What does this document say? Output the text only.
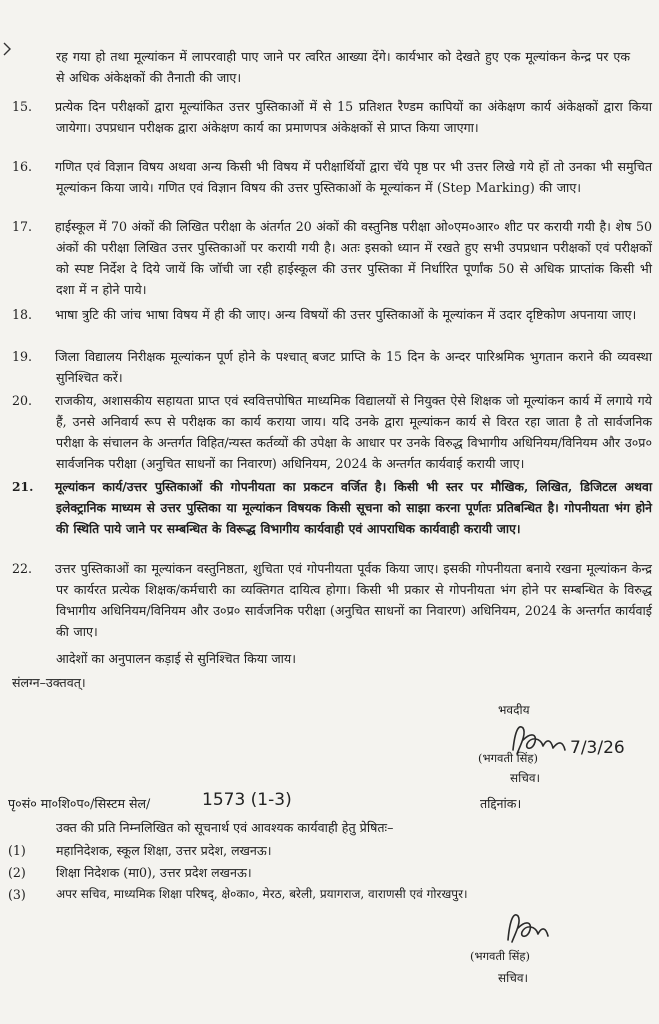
रह गया हो तथा मूल्यांकन में लापरवाही पाए जाने पर त्वरित आख्या देंगे। कार्यभार को देखते हुए एक मूल्यांकन केन्द्र पर एक से अधिक अंकेक्षकों की तैनाती की जाए।

15. प्रत्येक दिन परीक्षकों द्वारा मूल्यांकित उत्तर पुस्तिकाओं में से 15 प्रतिशत रैण्डम कापियों का अंकेक्षण कार्य अंकेक्षकों द्वारा किया जायेगा। उपप्रधान परीक्षक द्वारा अंकेक्षण कार्य का प्रमाणपत्र अंकेक्षकों से प्राप्त किया जाएगा।

16. गणित एवं विज्ञान विषय अथवा अन्य किसी भी विषय में परीक्षार्थियों द्वारा चॅये पृष्ठ पर भी उत्तर लिखे गये हों तो उनका भी समुचित मूल्यांकन किया जाये। गणित एवं विज्ञान विषय की उत्तर पुस्तिकाओं के मूल्यांकन में (Step Marking) की जाए।

17. हाईस्कूल में 70 अंकों की लिखित परीक्षा के अंतर्गत 20 अंकों की वस्तुनिष्ठ परीक्षा ओ०एम०आर० शीट पर करायी गयी है। शेष 50 अंकों की परीक्षा लिखित उत्तर पुस्तिकाओं पर करायी गयी है। अतः इसको ध्यान में रखते हुए सभी उपप्रधान परीक्षकों एवं परीक्षकों को स्पष्ट निर्देश दे दिये जायें कि जॉची जा रही हाईस्कूल की उत्तर पुस्तिका में निर्धारित पूर्णांक 50 से अधिक प्राप्तांक किसी भी दशा में न होने पाये।

18. भाषा त्रुटि की जांच भाषा विषय में ही की जाए। अन्य विषयों की उत्तर पुस्तिकाओं के मूल्यांकन में उदार दृष्टिकोण अपनाया जाए।

19. जिला विद्यालय निरीक्षक मूल्यांकन पूर्ण होने के पश्चात् बजट प्राप्ति के 15 दिन के अन्दर पारिश्रमिक भुगतान कराने की व्यवस्था सुनिश्चित करें।

20. राजकीय, अशासकीय सहायता प्राप्त एवं स्ववित्तपोषित माध्यमिक विद्यालयों से नियुक्त ऐसे शिक्षक जो मूल्यांकन कार्य में लगाये गये हैं, उनसे अनिवार्य रूप से परीक्षक का कार्य कराया जाय। यदि उनके द्वारा मूल्यांकन कार्य से विरत रहा जाता है तो सार्वजनिक परीक्षा के संचालन के अन्तर्गत विहित/न्यस्त कर्तव्यों की उपेक्षा के आधार पर उनके विरुद्ध विभागीय अधिनियम/विनियम और उ०प्र० सार्वजनिक परीक्षा (अनुचित साधनों का निवारण) अधिनियम, 2024 के अन्तर्गत कार्यवाई करायी जाए।

21. मूल्यांकन कार्य/उत्तर पुस्तिकाओं की गोपनीयता का प्रकटन वर्जित है। किसी भी स्तर पर मौखिक, लिखित, डिजिटल अथवा इलेक्ट्रानिक माध्यम से उत्तर पुस्तिका या मूल्यांकन विषयक किसी सूचना को साझा करना पूर्णतः प्रतिबन्धित है। गोपनीयता भंग होने की स्थिति पाये जाने पर सम्बन्धित के विरूद्ध विभागीय कार्यवाही एवं आपराधिक कार्यवाही करायी जाए।

22. उत्तर पुस्तिकाओं का मूल्यांकन वस्तुनिष्ठता, शुचिता एवं गोपनीयता पूर्वक किया जाए। इसकी गोपनीयता बनाये रखना मूल्यांकन केन्द्र पर कार्यरत प्रत्येक शिक्षक/कर्मचारी का व्यक्तिगत दायित्व होगा। किसी भी प्रकार से गोपनीयता भंग होने पर सम्बन्धित के विरुद्ध विभागीय अधिनियम/विनियम और उ०प्र० सार्वजनिक परीक्षा (अनुचित साधनों का निवारण) अधिनियम, 2024 के अन्तर्गत कार्यवाई की जाए।

आदेशों का अनुपालन कड़ाई से सुनिश्चित किया जाय।

संलग्न–उक्तवत्।

भवदीय

7/3/26

(भगवती सिंह)

सचिव।

पृ०सं० मा०शि०प०/सिस्टम सेल/	1573 (1-3)	तद्दिनांक।

उक्त की प्रति निम्नलिखित को सूचनार्थ एवं आवश्यक कार्यवाही हेतु प्रेषितः–

(1) महानिदेशक, स्कूल शिक्षा, उत्तर प्रदेश, लखनऊ।

(2) शिक्षा निदेशक (मा0), उत्तर प्रदेश लखनऊ।

(3)	अपर सचिव, माध्यमिक शिक्षा परिषद्, क्षे०का०, मेरठ, बरेली, प्रयागराज, वाराणसी एवं गोरखपुर।

(भगवती सिंह)

सचिव।
